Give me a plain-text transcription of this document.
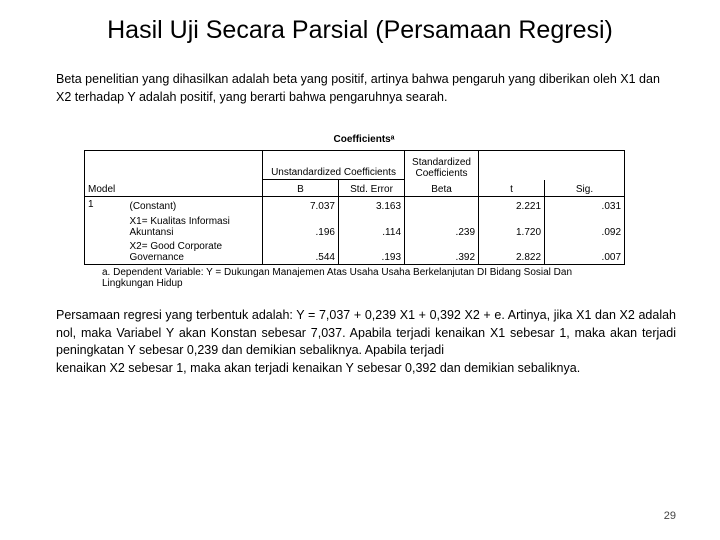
Hasil Uji Secara Parsial (Persamaan Regresi)

Beta penelitian yang dihasilkan adalah beta yang positif, artinya bahwa pengaruh yang diberikan oleh X1 dan X2 terhadap Y adalah positif, yang berarti bahwa pengaruhnya searah.

Coefficientsᵃ
		Unstandardized Coefficients		Standardized Coefficients		
Model		B	Std. Error	Beta	t	Sig.
1	(Constant)	7.037	3.163		2.221	.031
	X1= Kualitas Informasi Akuntansi	.196	.114	.239	1.720	.092
	X2= Good Corporate Governance	.544	.193	.392	2.822	.007
a. Dependent Variable: Y = Dukungan Manajemen Atas Usaha Usaha Berkelanjutan DI Bidang Sosial Dan Lingkungan Hidup
Persamaan regresi yang terbentuk adalah: Y = 7,037 + 0,239 X1 + 0,392 X2 + e. Artinya, jika X1 dan X2 adalah nol, maka Variabel Y akan Konstan sebesar 7,037. Apabila terjadi kenaikan X1 sebesar 1, maka akan terjadi peningkatan Y sebesar 0,239 dan demikian sebaliknya. Apabila terjadi
kenaikan X2 sebesar 1, maka akan terjadi kenaikan Y sebesar 0,392 dan demikian sebaliknya.
29
